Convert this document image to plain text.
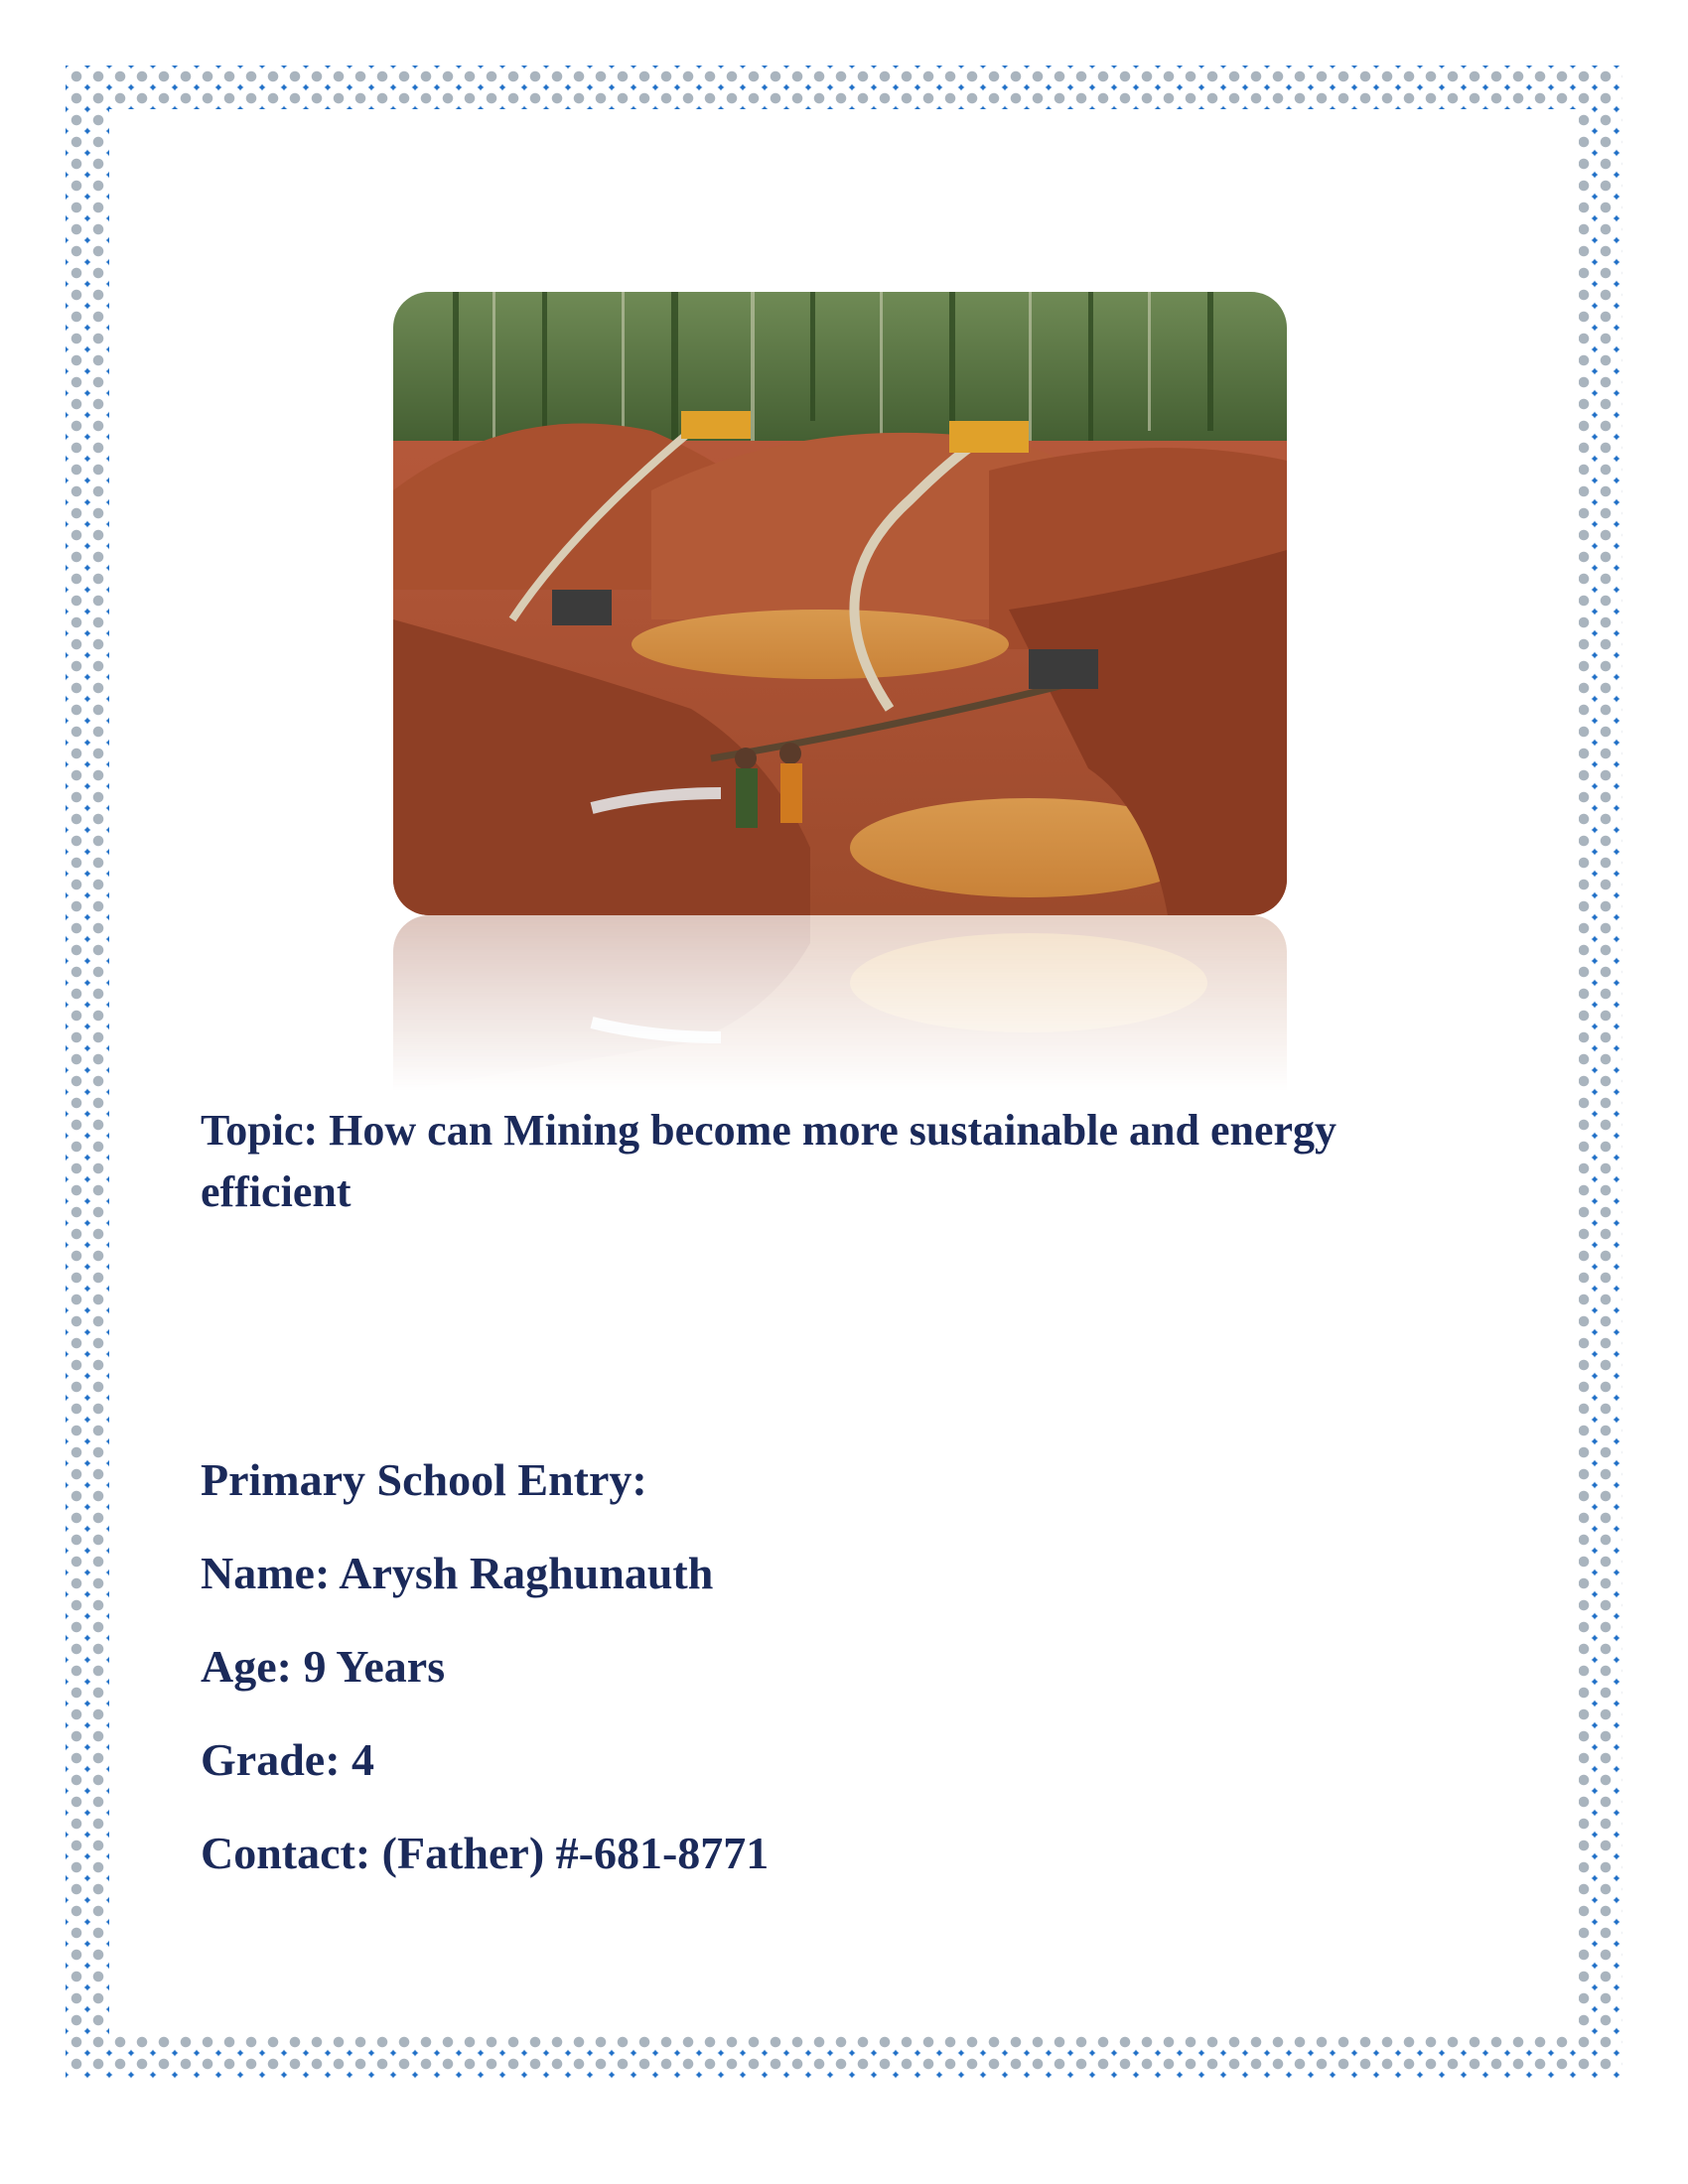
Topic: How can Mining become more sustainable and energy efficient
Primary School Entry:
Name: Arysh Raghunauth
Age: 9 Years
Grade: 4
Contact: (Father) #-681-8771
